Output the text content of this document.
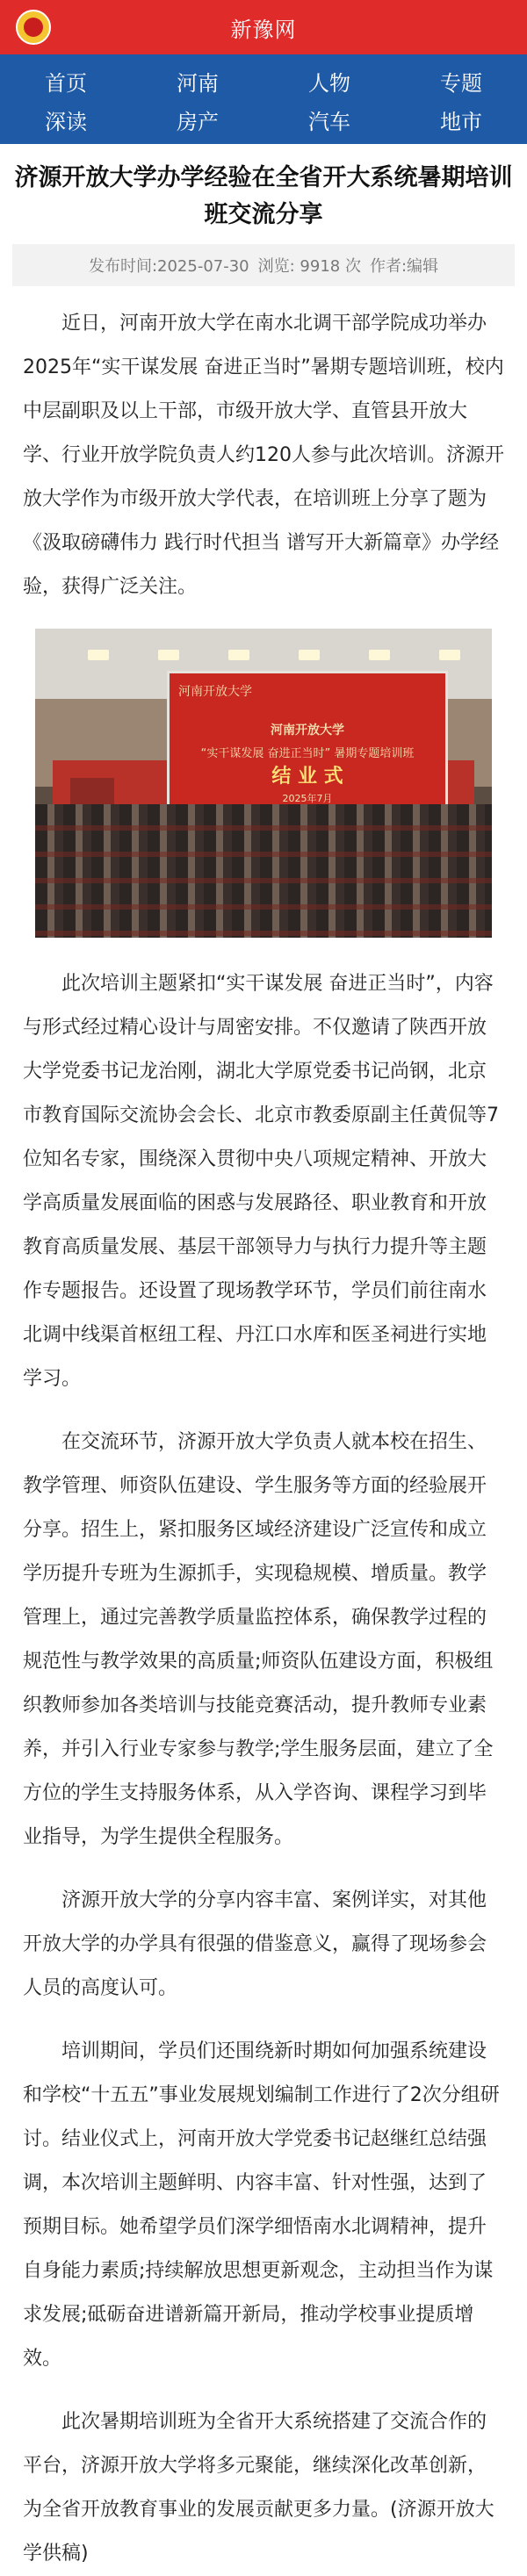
新豫网
首页	河南	人物	专题
深读	房产	汽车	地市
济源开放大学办学经验在全省开大系统暑期培训班交流分享
发布时间:2025-07-30 浏览: 9918 次 作者:编辑

近日，河南开放大学在南水北调干部学院成功举办2025年“实干谋发展 奋进正当时”暑期专题培训班，校内中层副职及以上干部，市级开放大学、直管县开放大学、行业开放学院负责人约120人参与此次培训。济源开放大学作为市级开放大学代表，在培训班上分享了题为《汲取磅礴伟力 践行时代担当 谱写开大新篇章》办学经验，获得广泛关注。

河南开放大学
河南开放大学
“实干谋发展 奋进正当时” 暑期专题培训班
结 业 式
2025年7月

此次培训主题紧扣“实干谋发展 奋进正当时”，内容与形式经过精心设计与周密安排。不仅邀请了陕西开放大学党委书记龙治刚，湖北大学原党委书记尚钢，北京市教育国际交流协会会长、北京市教委原副主任黄侃等7位知名专家，围绕深入贯彻中央八项规定精神、开放大学高质量发展面临的困惑与发展路径、职业教育和开放教育高质量发展、基层干部领导力与执行力提升等主题作专题报告。还设置了现场教学环节，学员们前往南水北调中线渠首枢纽工程、丹江口水库和医圣祠进行实地学习。

在交流环节，济源开放大学负责人就本校在招生、教学管理、师资队伍建设、学生服务等方面的经验展开分享。招生上，紧扣服务区域经济建设广泛宣传和成立学历提升专班为生源抓手，实现稳规模、增质量。教学管理上，通过完善教学质量监控体系，确保教学过程的规范性与教学效果的高质量;师资队伍建设方面，积极组织教师参加各类培训与技能竞赛活动，提升教师专业素养，并引入行业专家参与教学;学生服务层面，建立了全方位的学生支持服务体系，从入学咨询、课程学习到毕业指导，为学生提供全程服务。

济源开放大学的分享内容丰富、案例详实，对其他开放大学的办学具有很强的借鉴意义，赢得了现场参会人员的高度认可。

培训期间，学员们还围绕新时期如何加强系统建设和学校“十五五”事业发展规划编制工作进行了2次分组研讨。结业仪式上，河南开放大学党委书记赵继红总结强调，本次培训主题鲜明、内容丰富、针对性强，达到了预期目标。她希望学员们深学细悟南水北调精神，提升自身能力素质;持续解放思想更新观念，主动担当作为谋求发展;砥砺奋进谱新篇开新局，推动学校事业提质增效。

此次暑期培训班为全省开大系统搭建了交流合作的平台，济源开放大学将多元聚能，继续深化改革创新，为全省开放教育事业的发展贡献更多力量。(济源开放大学供稿)
